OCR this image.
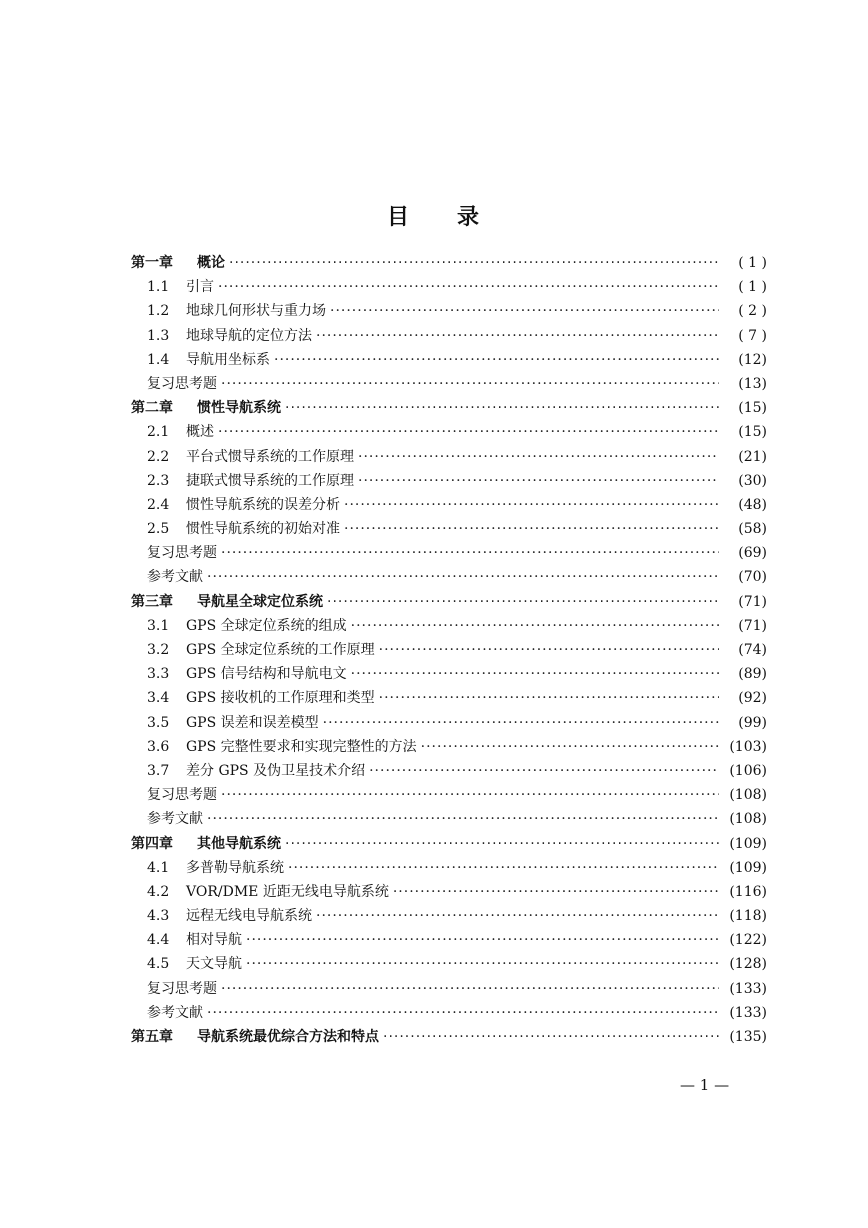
目 录
第一章	概论 ·····	( 1 )
1.1	引言 ·····	( 1 )
1.2	地球几何形状与重力场 ·····	( 2 )
1.3	地球导航的定位方法 ·····	( 7 )
1.4	导航用坐标系 ·····	(12)
复习思考题 ·····	(13)
第二章	惯性导航系统 ·····	(15)
2.1	概述 ·····	(15)
2.2	平台式惯导系统的工作原理 ·····	(21)
2.3	捷联式惯导系统的工作原理 ·····	(30)
2.4	惯性导航系统的误差分析 ·····	(48)
2.5	惯性导航系统的初始对准 ·····	(58)
复习思考题 ·····	(69)
参考文献 ·····	(70)
第三章	导航星全球定位系统 ·····	(71)
3.1	GPS 全球定位系统的组成 ·····	(71)
3.2	GPS 全球定位系统的工作原理 ·····	(74)
3.3	GPS 信号结构和导航电文 ·····	(89)
3.4	GPS 接收机的工作原理和类型 ·····	(92)
3.5	GPS 误差和误差模型 ·····	(99)
3.6	GPS 完整性要求和实现完整性的方法 ·····	(103)
3.7	差分 GPS 及伪卫星技术介绍 ·····	(106)
复习思考题 ·····	(108)
参考文献 ·····	(108)
第四章	其他导航系统 ·····	(109)
4.1	多普勒导航系统 ·····	(109)
4.2	VOR/DME 近距无线电导航系统 ·····	(116)
4.3	远程无线电导航系统 ·····	(118)
4.4	相对导航 ·····	(122)
4.5	天文导航 ·····	(128)
复习思考题 ·····	(133)
参考文献 ·····	(133)
第五章	导航系统最优综合方法和特点 ·····	(135)
— 1 —
